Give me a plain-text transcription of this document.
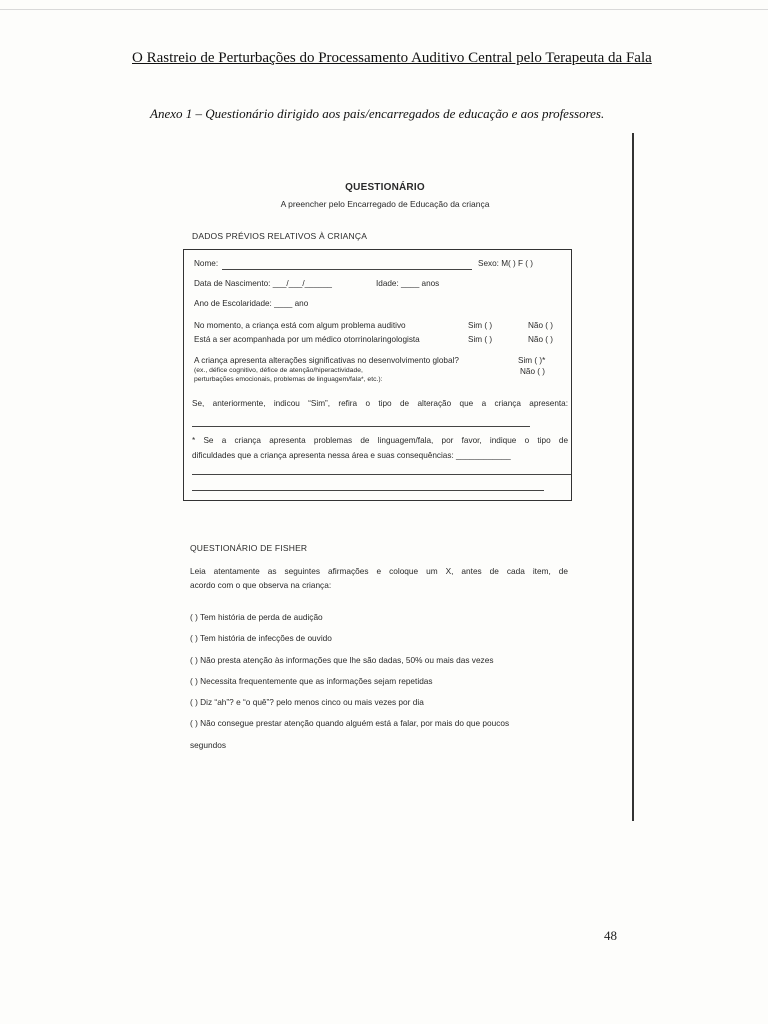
O Rastreio de Perturbações do Processamento Auditivo Central pelo Terapeuta da Fala
Anexo 1 – Questionário dirigido aos pais/encarregados de educação e aos professores.
QUESTIONÁRIO
A preencher pelo Encarregado de Educação da criança
DADOS PRÉVIOS RELATIVOS À CRIANÇA
Nome:	Sexo: M( ) F ( )
Data de Nascimento: ___/___/______	Idade: ____ anos
Ano de Escolaridade: ____ ano
No momento, a criança está com algum problema auditivo	Sim ( )	Não ( )
Está a ser acompanhada por um médico otorrinolaringologista	Sim ( )	Não ( )
A criança apresenta alterações significativas no desenvolvimento global?	Sim ( )*
Não ( )
(ex., défice cognitivo, défice de atenção/hiperactividade,
perturbações emocionais, problemas de linguagem/fala*, etc.):
Se, anteriormente, indicou “Sim”, refira o tipo de alteração que a criança apresenta:
* Se a criança apresenta problemas de linguagem/fala, por favor, indique o tipo de
dificuldades que a criança apresenta nessa área e suas consequências: ____________
QUESTIONÁRIO DE FISHER
Leia atentamente as seguintes afirmações e coloque um X, antes de cada item, de
acordo com o que observa na criança:
( ) Tem história de perda de audição
( ) Tem história de infecções de ouvido
( ) Não presta atenção às informações que lhe são dadas, 50% ou mais das vezes
( ) Necessita frequentemente que as informações sejam repetidas
( ) Diz “ah”? e “o quê”? pelo menos cinco ou mais vezes por dia
( ) Não consegue prestar atenção quando alguém está a falar, por mais do que poucos
segundos
48
